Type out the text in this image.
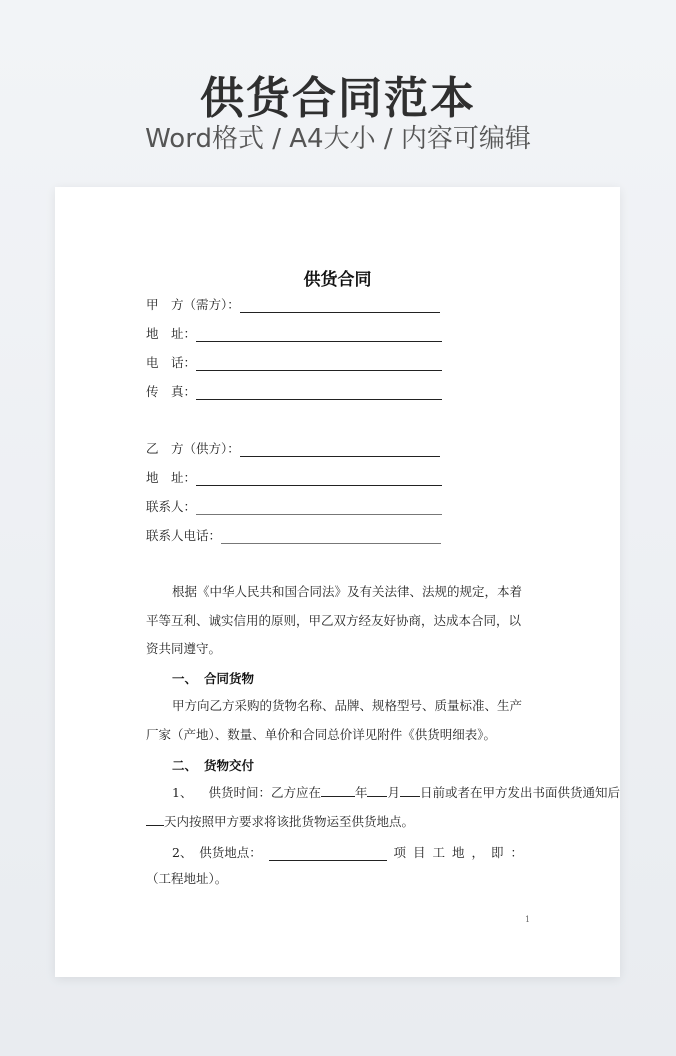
供货合同范本
Word格式 / A4大小 / 内容可编辑
供货合同
甲　方（需方）：
地　址：
电　话：
传　真：
乙　方（供方）：
地　址：
联系人：
联系人电话：
根据《中华人民共和国合同法》及有关法律、法规的规定，本着平等互利、诚实信用的原则，甲乙双方经友好协商，达成本合同，以资共同遵守。
一、 合同货物
甲方向乙方采购的货物名称、品牌、规格型号、质量标准、生产厂家（产地）、数量、单价和合同总价详见附件《供货明细表》。
二、 货物交付
1、 供货时间：乙方应在	年 月 日前或者在甲方发出书面供货通知后
天内按照甲方要求将该批货物运至供货地点。
2、 供货地点：	项目工地，即：
（工程地址）。
1
